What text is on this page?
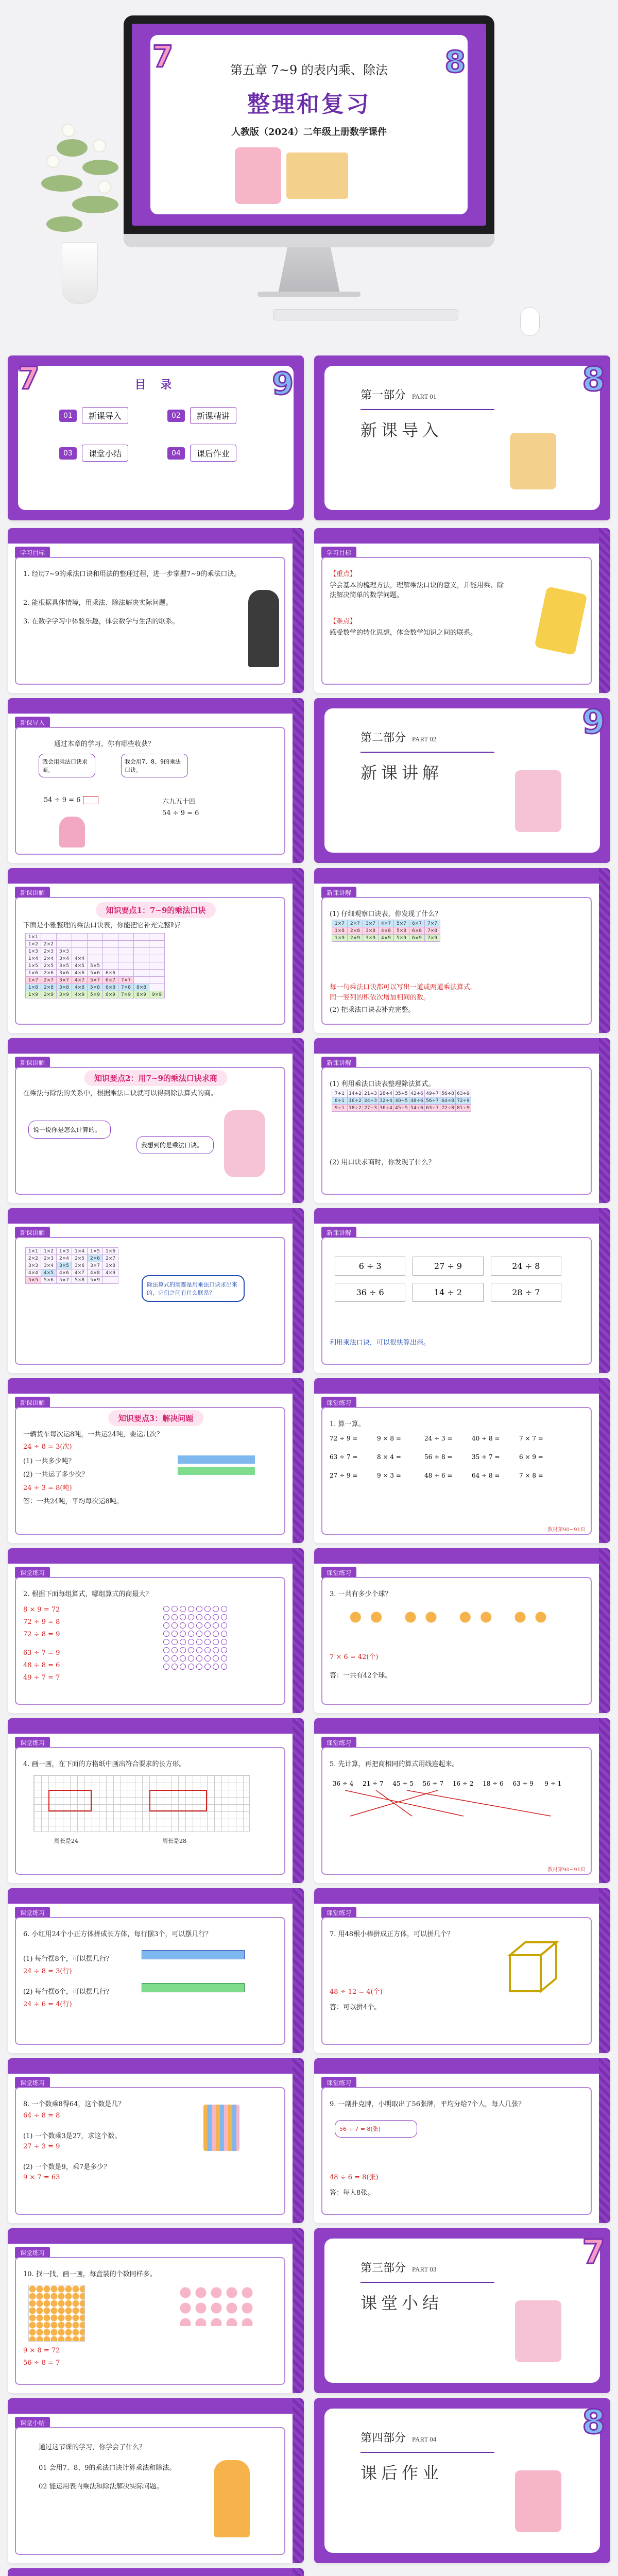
7	8
第五章 7~9 的表内乘、除法
整理和复习
人教版（2024）二年级上册数学课件
7	9
目 录
01	新课导入	02	新课精讲
03	课堂小结	04	课后作业
8
第一部分 PART 01
新课导入
学习目标
1. 经历7~9的乘法口诀和用法的整理过程，进一步掌握7~9的乘法口诀。
2. 能根据具体情境，用乘法、除法解决实际问题。
3. 在数学学习中体验乐趣，体会数学与生活的联系。
学习目标
【重点】
学会基本的梳理方法，理解乘法口诀的意义，并能用乘、除法解决简单的数学问题。
【难点】
感受数学的转化思想，体会数学知识之间的联系。
新课导入
通过本章的学习，你有哪些收获？
我会用乘法口诀求商。
我会用7、8、9的乘法口诀。
54 ÷ 9 = 6	六九五十四
54 ÷ 9 = 6
9
第二部分 PART 02
新课讲解
新课讲解
知识要点1：7~9的乘法口诀
下面是小雅整理的乘法口诀表，你能把它补充完整吗？
1×1								
1×2	2×2							
1×3	2×3	3×3						
1×4	2×4	3×4	4×4					
1×5	2×5	3×5	4×5	5×5				
1×6	2×6	3×6	4×6	5×6	6×6			
1×7	2×7	3×7	4×7	5×7	6×7	7×7		
1×8	2×8	3×8	4×8	5×8	6×8	7×8	8×8	
1×9	2×9	3×9	4×9	5×9	6×9	7×9	8×9	9×9
新课讲解
(1) 仔细观察口诀表，你发现了什么？
每一句乘法口诀都可以写出一道或两道乘法算式。
同一竖列的积依次增加相同的数。
(2) 把乘法口诀表补充完整。
1×7	2×7	3×7	4×7	5×7	6×7	7×7
1×8	2×8	3×8	4×8	5×8	6×8	7×8
1×9	2×9	3×9	4×9	5×9	6×9	7×9
新课讲解
知识要点2：用7~9的乘法口诀求商
在乘法与除法的关系中，根据乘法口诀就可以得到除法算式的商。
说一说你是怎么计算的。
我想到的是乘法口诀。
新课讲解
(1) 利用乘法口诀表整理除法算式。
7÷1	14÷2	21÷3	28÷4	35÷5	42÷6	49÷7	56÷8	63÷9
8÷1	16÷2	24÷3	32÷4	40÷5	48÷6	56÷7	64÷8	72÷9
9÷1	18÷2	27÷3	36÷4	45÷5	54÷6	63÷7	72÷8	81÷9
(2) 用口诀求商时，你发现了什么？
新课讲解
1×1	1×2	1×3	1×4	1×5	1×6
2×2	2×3	2×4	2×5	2×6	2×7
3×3	3×4	3×5	3×6	3×7	3×8
4×4	4×5	4×6	4×7	4×8	4×9
5×5	5×6	5×7	5×8	5×9	
除法算式的商都是用乘法口诀求出来的，它们之间有什么联系？
新课讲解
6 ÷ 3	27 ÷ 9	24 ÷ 8
36 ÷ 6	14 ÷ 2	28 ÷ 7
利用乘法口诀，可以很快算出商。
新课讲解
知识要点3：解决问题
一辆货车每次运8吨，一共运24吨，要运几次？
24 ÷ 8 = 3(次)
(1) 一共多少吨？
(2) 一共运了多少次？
24 ÷ 3 = 8(吨)
答：一共24吨，平均每次运8吨。
课堂练习
1. 算一算。
72 ÷ 9 =	9 × 8 =	24 ÷ 3 =	40 ÷ 8 =	7 × 7 =
63 ÷ 7 =	8 × 4 =	56 ÷ 8 =	35 ÷ 7 =	6 × 9 =
27 ÷ 9 =	9 × 3 =	48 ÷ 6 =	64 ÷ 8 =	7 × 8 =
教材第90~91页
课堂练习
2. 根据下面每组算式，哪组算式的商最大？
8 × 9 = 72
72 ÷ 9 = 8
72 ÷ 8 = 9
63 ÷ 7 = 9
48 ÷ 8 = 6
49 ÷ 7 = 7
课堂练习
3. 一共有多少个球？
7 × 6 = 42(个)
答：一共有42个球。
课堂练习
4. 画一画，在下面的方格纸中画出符合要求的长方形。
周长是24	周长是28
课堂练习
5. 先计算，再把商相同的算式用线连起来。
36 ÷ 4	21 ÷ 7	45 ÷ 5	56 ÷ 7	16 ÷ 2	18 ÷ 6	63 ÷ 9	9 ÷ 1
教材第90~91页
课堂练习
6. 小红用24个小正方体拼成长方体，每行摆3个，可以摆几行？
(1) 每行摆8个，可以摆几行？
24 ÷ 8 = 3(行)
(2) 每行摆6个，可以摆几行？
24 ÷ 6 = 4(行)
课堂练习
7. 用48根小棒拼成正方体，可以拼几个？
48 ÷ 12 = 4(个)
答：可以拼4个。
课堂练习
8. 一个数乘8得64，这个数是几？
64 ÷ 8 = 8
(1) 一个数乘3是27，求这个数。
27 ÷ 3 = 9
(2) 一个数是9，乘7是多少？
9 × 7 = 63
课堂练习
9. 一副扑克牌，小明取出了56张牌，平均分给7个人，每人几张？
56 ÷ 7 = 8(张)
48 ÷ 6 = 8(张)
答：每人8张。
课堂练习
10. 找一找，画一画，每盒装的个数同样多。
9 × 8 = 72
56 ÷ 8 = 7
7
第三部分 PART 03
课堂小结
课堂小结
通过这节课的学习，你学会了什么？
01 会用7、8、9的乘法口诀计算乘法和除法。
02 能运用表内乘法和除法解决实际问题。
8
第四部分 PART 04
课后作业
